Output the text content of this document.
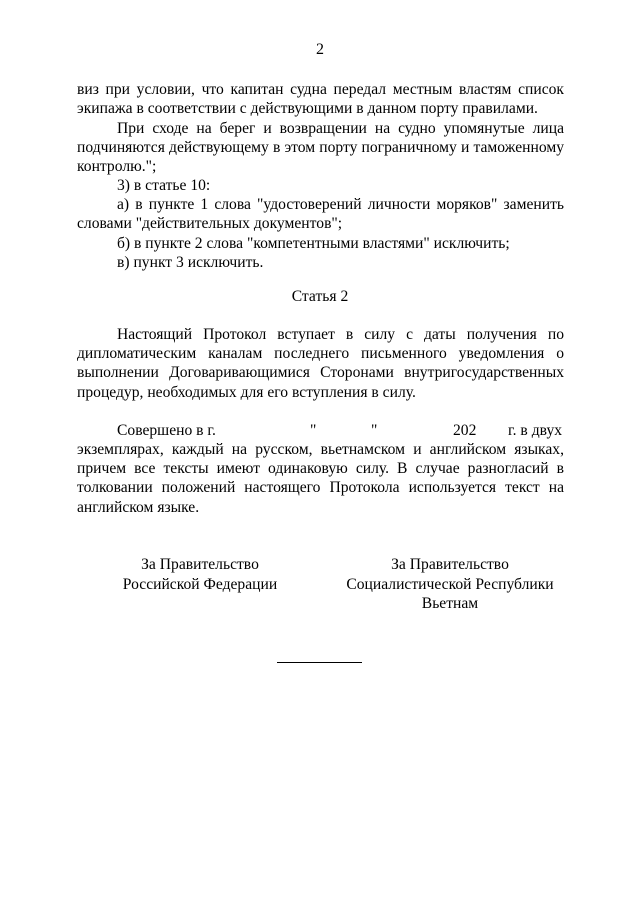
2
виз при условии, что капитан судна передал местным властям список экипажа в соответствии с действующими в данном порту правилами.
При сходе на берег и возвращении на судно упомянутые лица подчиняются действующему в этом порту пограничному и таможенному контролю.";
3) в статье 10:
а) в пункте 1 слова "удостоверений личности моряков" заменить словами "действительных документов";
б) в пункте 2 слова "компетентными властями" исключить;
в) пункт 3 исключить.
Статья 2
Настоящий Протокол вступает в силу с даты получения по дипломатическим каналам последнего письменного уведомления о выполнении Договаривающимися Сторонами внутригосударственных процедур, необходимых для его вступления в силу.
Совершено в г.	"	"	202 г. в двух
экземплярах, каждый на русском, вьетнамском и английском языках, причем все тексты имеют одинаковую силу. В случае разногласий в толковании положений настоящего Протокола используется текст на английском языке.
За Правительство
Российской Федерации
За Правительство
Социалистической Республики
Вьетнам
